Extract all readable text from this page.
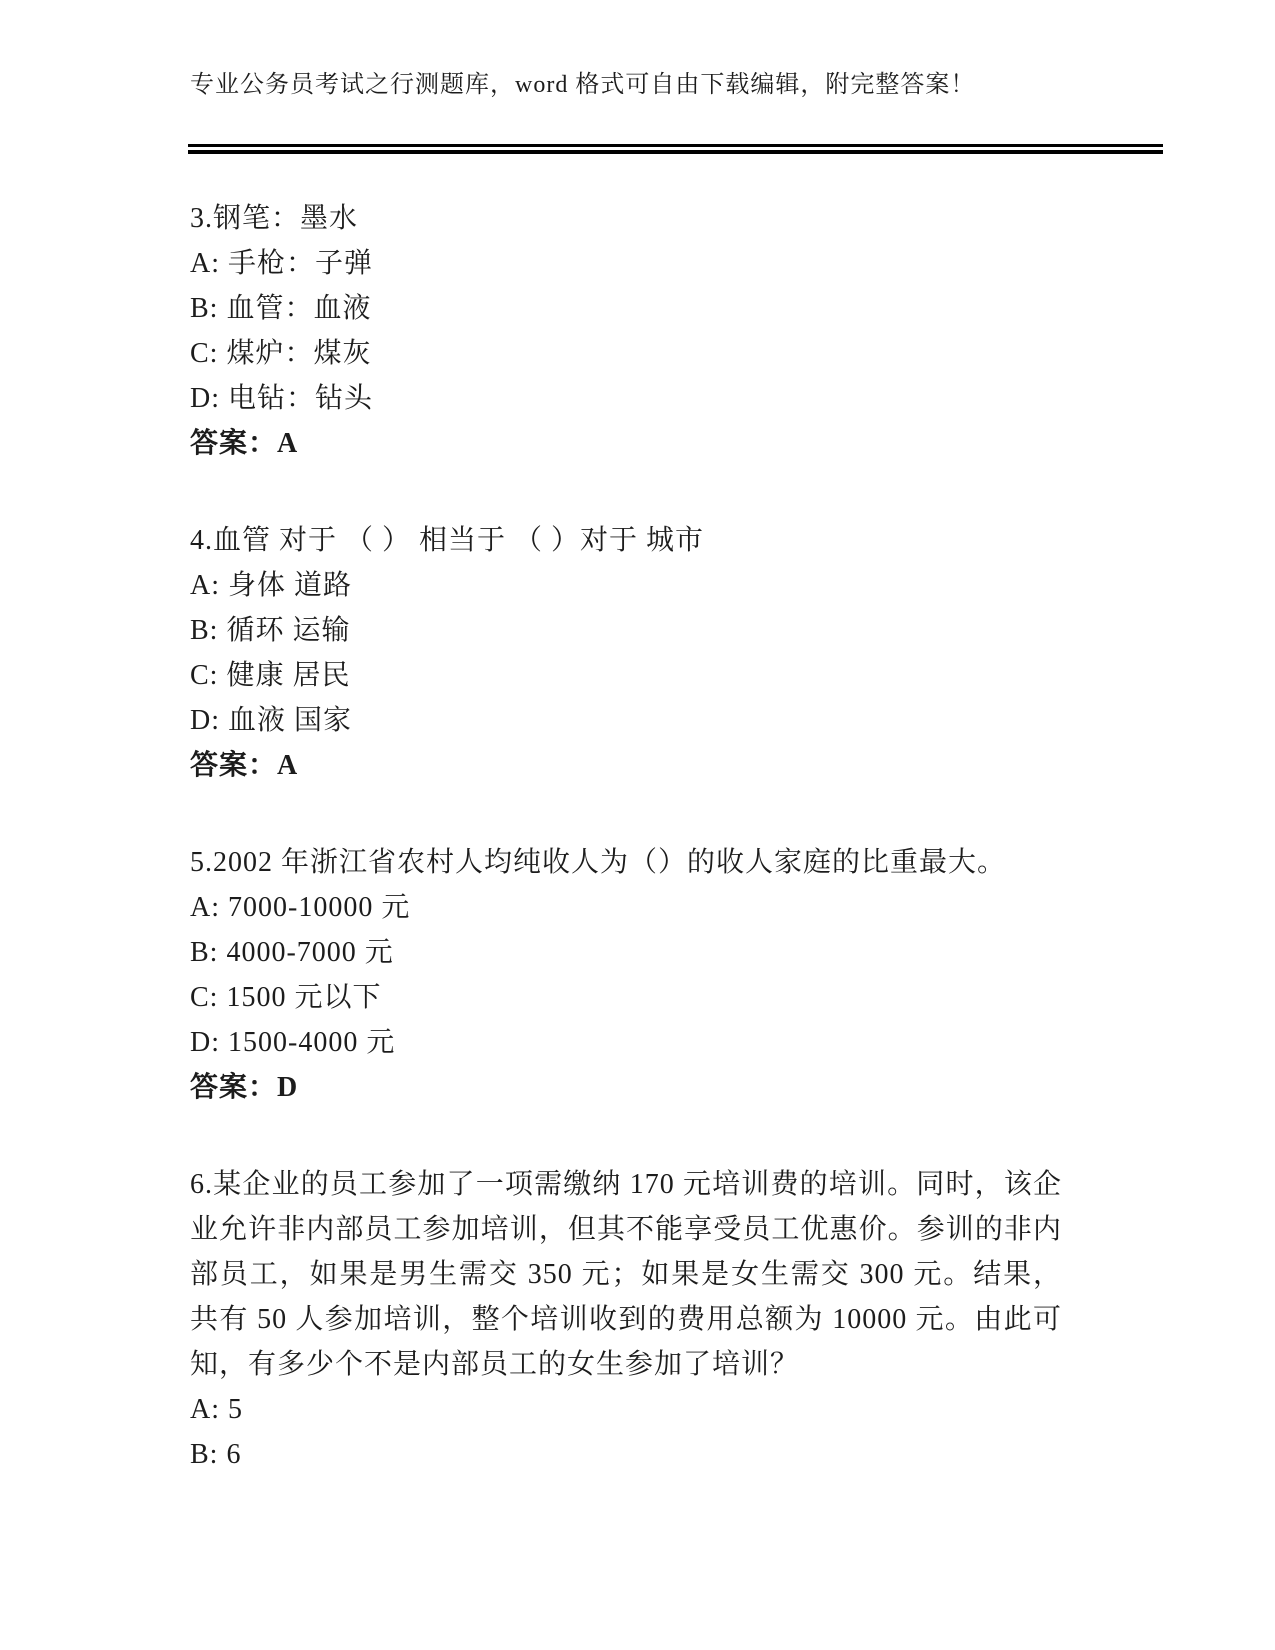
专业公务员考试之行测题库，word 格式可自由下载编辑，附完整答案！
3.钢笔：墨水
A: 手枪：子弹
B: 血管：血液
C: 煤炉：煤灰
D: 电钻：钻头
答案：A
4.血管 对于 （ ） 相当于 （ ）对于 城市
A: 身体 道路
B: 循环 运输
C: 健康 居民
D: 血液 国家
答案：A
5.2002 年浙江省农村人均纯收人为（）的收人家庭的比重最大。
A: 7000-10000 元
B: 4000-7000 元
C: 1500 元以下
D: 1500-4000 元
答案：D
6.某企业的员工参加了一项需缴纳 170 元培训费的培训。同时，该企业允许非内部员工参加培训，但其不能享受员工优惠价。参训的非内部员工，如果是男生需交 350 元；如果是女生需交 300 元。结果，共有 50 人参加培训，整个培训收到的费用总额为 10000 元。由此可知，有多少个不是内部员工的女生参加了培训？
A: 5
B: 6
